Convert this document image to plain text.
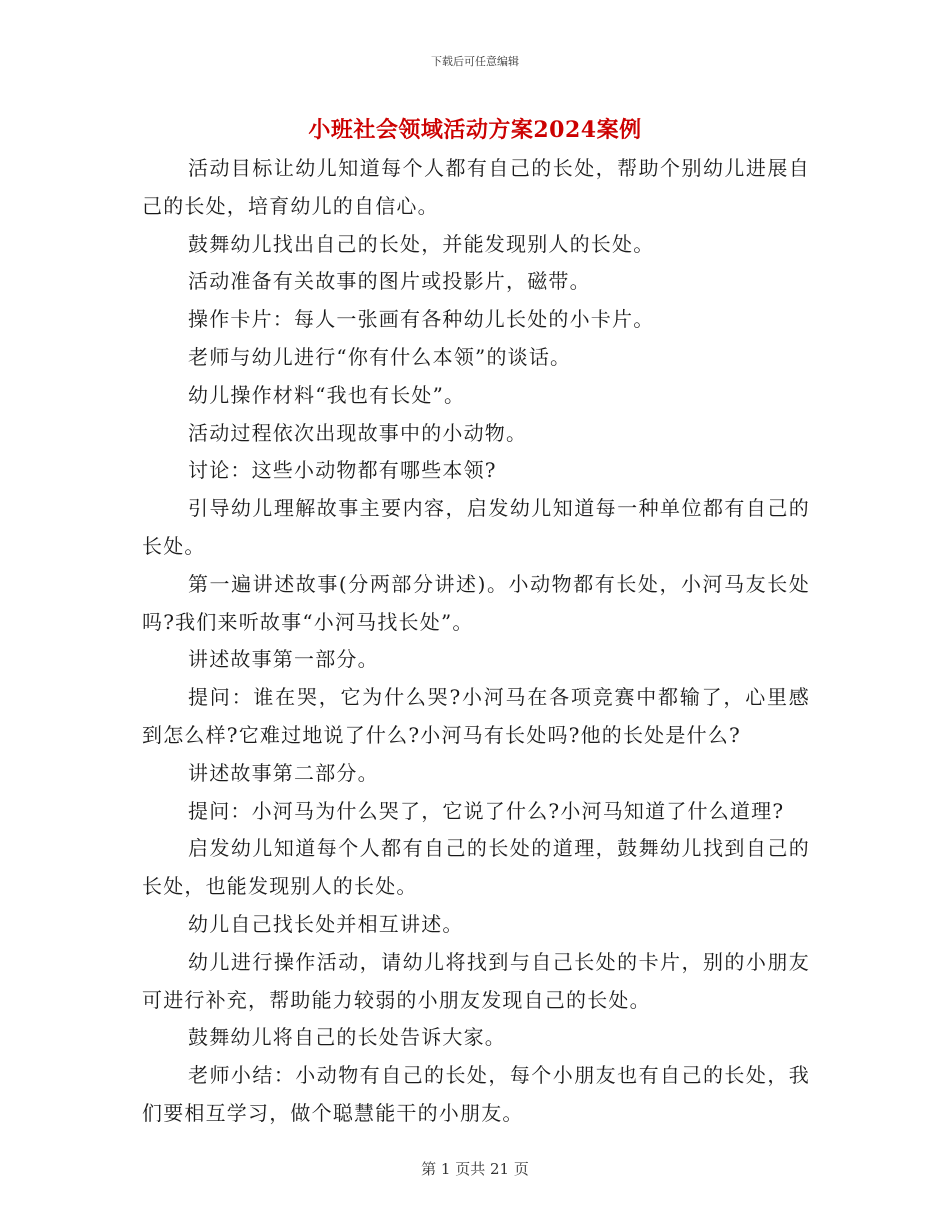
下载后可任意编辑
小班社会领域活动方案2024案例

活动目标让幼儿知道每个人都有自己的长处，帮助个别幼儿进展自己的长处，培育幼儿的自信心。

鼓舞幼儿找出自己的长处，并能发现别人的长处。

活动准备有关故事的图片或投影片，磁带。

操作卡片：每人一张画有各种幼儿长处的小卡片。

老师与幼儿进行“你有什么本领”的谈话。

幼儿操作材料“我也有长处”。

活动过程依次出现故事中的小动物。

讨论：这些小动物都有哪些本领?

引导幼儿理解故事主要内容，启发幼儿知道每一种单位都有自己的长处。

第一遍讲述故事(分两部分讲述)。小动物都有长处，小河马友长处吗?我们来听故事“小河马找长处”。

讲述故事第一部分。

提问：谁在哭，它为什么哭?小河马在各项竞赛中都输了，心里感到怎么样?它难过地说了什么?小河马有长处吗?他的长处是什么?

讲述故事第二部分。

提问：小河马为什么哭了，它说了什么?小河马知道了什么道理?

启发幼儿知道每个人都有自己的长处的道理，鼓舞幼儿找到自己的长处，也能发现别人的长处。

幼儿自己找长处并相互讲述。

幼儿进行操作活动，请幼儿将找到与自己长处的卡片，别的小朋友可进行补充，帮助能力较弱的小朋友发现自己的长处。

鼓舞幼儿将自己的长处告诉大家。

老师小结：小动物有自己的长处，每个小朋友也有自己的长处，我们要相互学习，做个聪慧能干的小朋友。

第 1 页共 21 页
